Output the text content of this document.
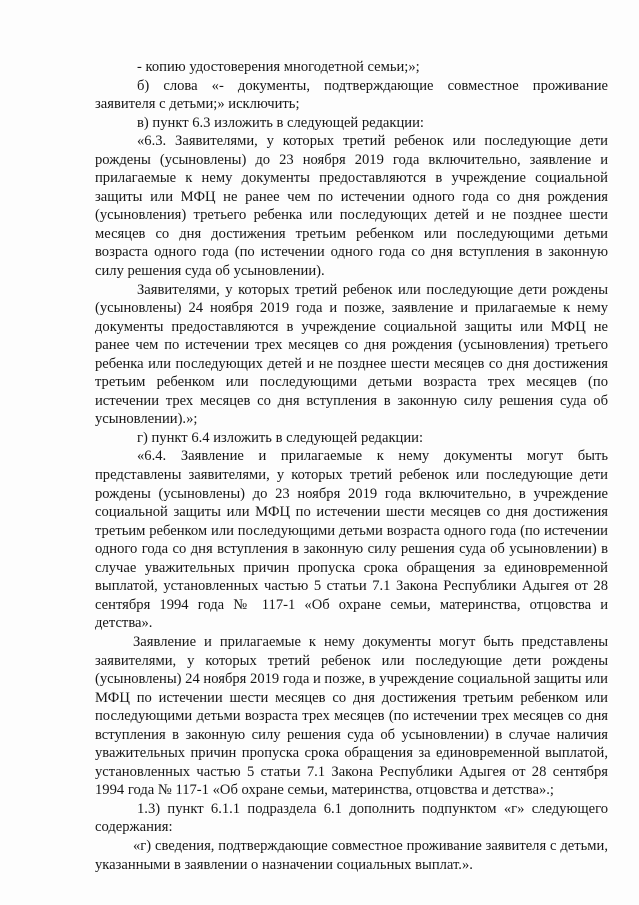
- копию удостоверения многодетной семьи;»;

б) слова «- документы, подтверждающие совместное проживание заявителя с детьми;» исключить;

в) пункт 6.3 изложить в следующей редакции:

«6.3. Заявителями, у которых третий ребенок или последующие дети рождены (усыновлены) до 23 ноября 2019 года включительно, заявление и прилагаемые к нему документы предоставляются в учреждение социальной защиты или МФЦ не ранее чем по истечении одного года со дня рождения (усыновления) третьего ребенка или последующих детей и не позднее шести месяцев со дня достижения третьим ребенком или последующими детьми возраста одного года (по истечении одного года со дня вступления в законную силу решения суда об усыновлении).

Заявителями, у которых третий ребенок или последующие дети рождены (усыновлены) 24 ноября 2019 года и позже, заявление и прилагаемые к нему документы предоставляются в учреждение социальной защиты или МФЦ не ранее чем по истечении трех месяцев со дня рождения (усыновления) третьего ребенка или последующих детей и не позднее шести месяцев со дня достижения третьим ребенком или последующими детьми возраста трех месяцев (по истечении трех месяцев со дня вступления в законную силу решения суда об усыновлении).»;

г) пункт 6.4 изложить в следующей редакции:

«6.4. Заявление и прилагаемые к нему документы могут быть представлены заявителями, у которых третий ребенок или последующие дети рождены (усыновлены) до 23 ноября 2019 года включительно, в учреждение социальной защиты или МФЦ по истечении шести месяцев со дня достижения третьим ребенком или последующими детьми возраста одного года (по истечении одного года со дня вступления в законную силу решения суда об усыновлении) в случае уважительных причин пропуска срока обращения за единовременной выплатой, установленных частью 5 статьи 7.1 Закона Республики Адыгея от 28 сентября 1994 года № 117-1 «Об охране семьи, материнства, отцовства и детства».

Заявление и прилагаемые к нему документы могут быть представлены заявителями, у которых третий ребенок или последующие дети рождены (усыновлены) 24 ноября 2019 года и позже, в учреждение социальной защиты или МФЦ по истечении шести месяцев со дня достижения третьим ребенком или последующими детьми возраста трех месяцев (по истечении трех месяцев со дня вступления в законную силу решения суда об усыновлении) в случае наличия уважительных причин пропуска срока обращения за единовременной выплатой, установленных частью 5 статьи 7.1 Закона Республики Адыгея от 28 сентября 1994 года № 117-1 «Об охране семьи, материнства, отцовства и детства».;

1.3) пункт 6.1.1 подраздела 6.1 дополнить подпунктом «г» следующего содержания:

«г) сведения, подтверждающие совместное проживание заявителя с детьми, указанными в заявлении о назначении социальных выплат.».
